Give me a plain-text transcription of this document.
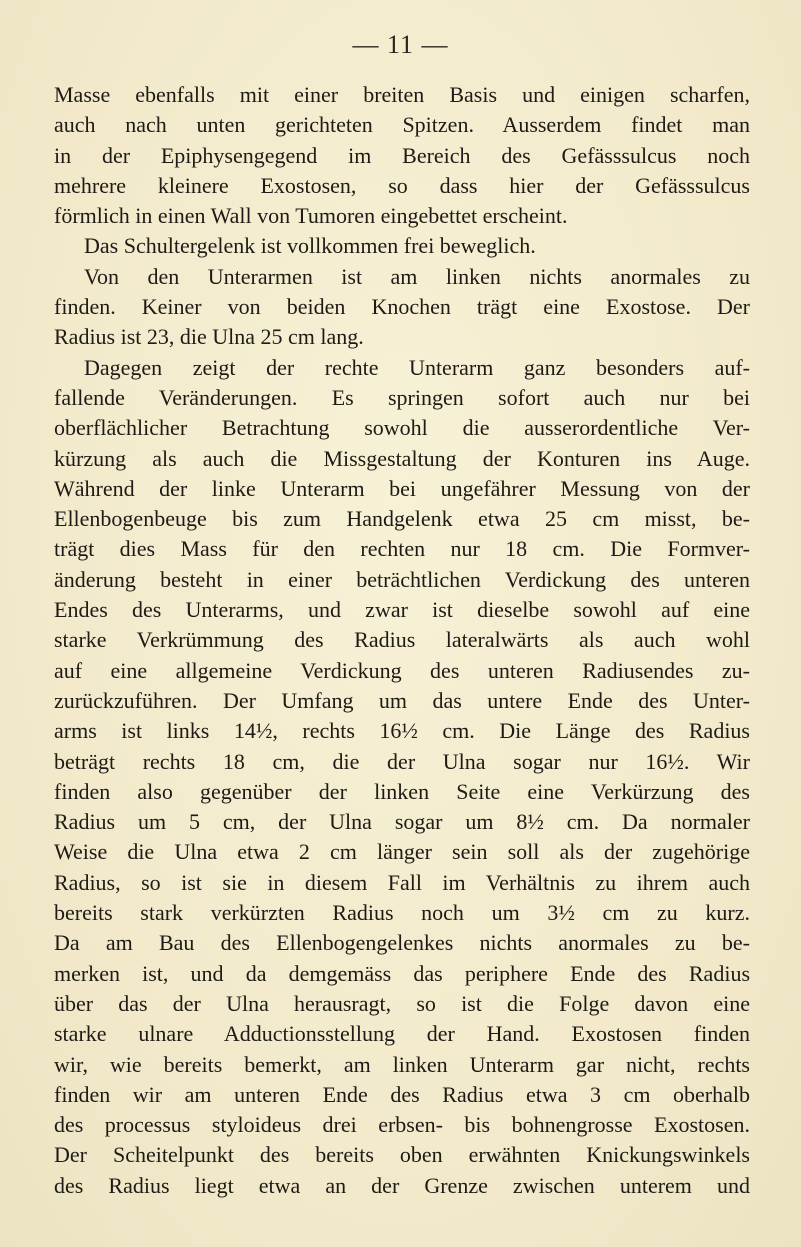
— 11 —
Masse ebenfalls mit einer breiten Basis und einigen scharfen,
auch nach unten gerichteten Spitzen. Ausserdem findet man
in der Epiphysengegend im Bereich des Gefässsulcus noch
mehrere kleinere Exostosen, so dass hier der Gefässsulcus
förmlich in einen Wall von Tumoren eingebettet erscheint.
Das Schultergelenk ist vollkommen frei beweglich.
Von den Unterarmen ist am linken nichts anormales zu
finden. Keiner von beiden Knochen trägt eine Exostose. Der
Radius ist 23, die Ulna 25 cm lang.
Dagegen zeigt der rechte Unterarm ganz besonders auf-
fallende Veränderungen. Es springen sofort auch nur bei
oberflächlicher Betrachtung sowohl die ausserordentliche Ver-
kürzung als auch die Missgestaltung der Konturen ins Auge.
Während der linke Unterarm bei ungefährer Messung von der
Ellenbogenbeuge bis zum Handgelenk etwa 25 cm misst, be-
trägt dies Mass für den rechten nur 18 cm. Die Formver-
änderung besteht in einer beträchtlichen Verdickung des unteren
Endes des Unterarms, und zwar ist dieselbe sowohl auf eine
starke Verkrümmung des Radius lateralwärts als auch wohl
auf eine allgemeine Verdickung des unteren Radiusendes zu-
zurückzuführen. Der Umfang um das untere Ende des Unter-
arms ist links 14½, rechts 16½ cm. Die Länge des Radius
beträgt rechts 18 cm, die der Ulna sogar nur 16½. Wir
finden also gegenüber der linken Seite eine Verkürzung des
Radius um 5 cm, der Ulna sogar um 8½ cm. Da normaler
Weise die Ulna etwa 2 cm länger sein soll als der zugehörige
Radius, so ist sie in diesem Fall im Verhältnis zu ihrem auch
bereits stark verkürzten Radius noch um 3½ cm zu kurz.
Da am Bau des Ellenbogengelenkes nichts anormales zu be-
merken ist, und da demgemäss das periphere Ende des Radius
über das der Ulna herausragt, so ist die Folge davon eine
starke ulnare Adductionsstellung der Hand. Exostosen finden
wir, wie bereits bemerkt, am linken Unterarm gar nicht, rechts
finden wir am unteren Ende des Radius etwa 3 cm oberhalb
des processus styloideus drei erbsen- bis bohnengrosse Exostosen.
Der Scheitelpunkt des bereits oben erwähnten Knickungswinkels
des Radius liegt etwa an der Grenze zwischen unterem und
